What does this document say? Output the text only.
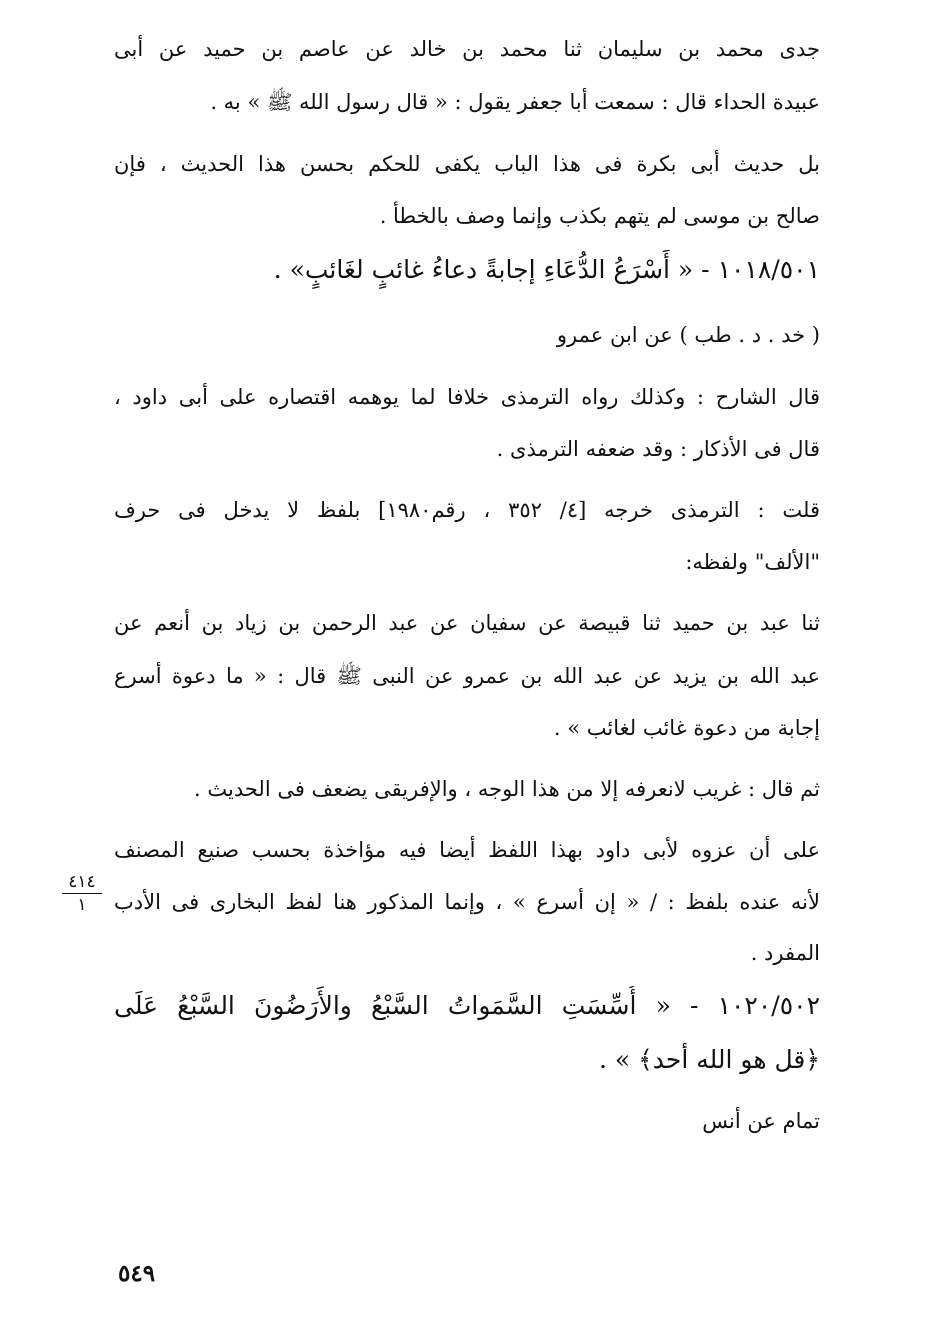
جدى محمد بن سليمان ثنا محمد بن خالد عن عاصم بن حميد عن أبى
عبيدة الحداء قال : سمعت أبا جعفر يقول : « قال رسول الله ﷺ » به .
بل حديث أبى بكرة فى هذا الباب يكفى للحكم بحسن هذا الحديث ، فإن
صالح بن موسى لم يتهم بكذب وإنما وصف بالخطأ .
١٠١٨/٥٠١ - « أَسْرَعُ الدُّعَاءِ إجابةً دعاءُ غائبٍ لغَائبٍ» .
( خد . د . طب ) عن ابن عمرو
قال الشارح : وكذلك رواه الترمذى خلافا لما يوهمه اقتصاره على أبى داود ،
قال فى الأذكار : وقد ضعفه الترمذى .
قلت : الترمذى خرجه [٤/ ٣٥٢ ، رقم١٩٨٠] بلفظ لا يدخل فى حرف
"الألف" ولفظه:
ثنا عبد بن حميد ثنا قبيصة عن سفيان عن عبد الرحمن بن زياد بن أنعم عن
عبد الله بن يزيد عن عبد الله بن عمرو عن النبى ﷺ قال : « ما دعوة أسرع
إجابة من دعوة غائب لغائب » .
ثم قال : غريب لانعرفه إلا من هذا الوجه ، والإفريقى يضعف فى الحديث .
على أن عزوه لأبى داود بهذا اللفظ أيضا فيه مؤاخذة بحسب صنيع المصنف
لأنه عنده بلفظ : / « إن أسرع » ، وإنما المذكور هنا لفظ البخارى فى الأدب
المفرد .
١٠٢٠/٥٠٢ - « أُسِّسَتِ السَّمَواتُ السَّبْعُ والأَرَضُونَ السَّبْعُ عَلَى
﴿قل هو الله أحد﴾ » .
تمام عن أنس
٤١٤
١
٥٤٩
